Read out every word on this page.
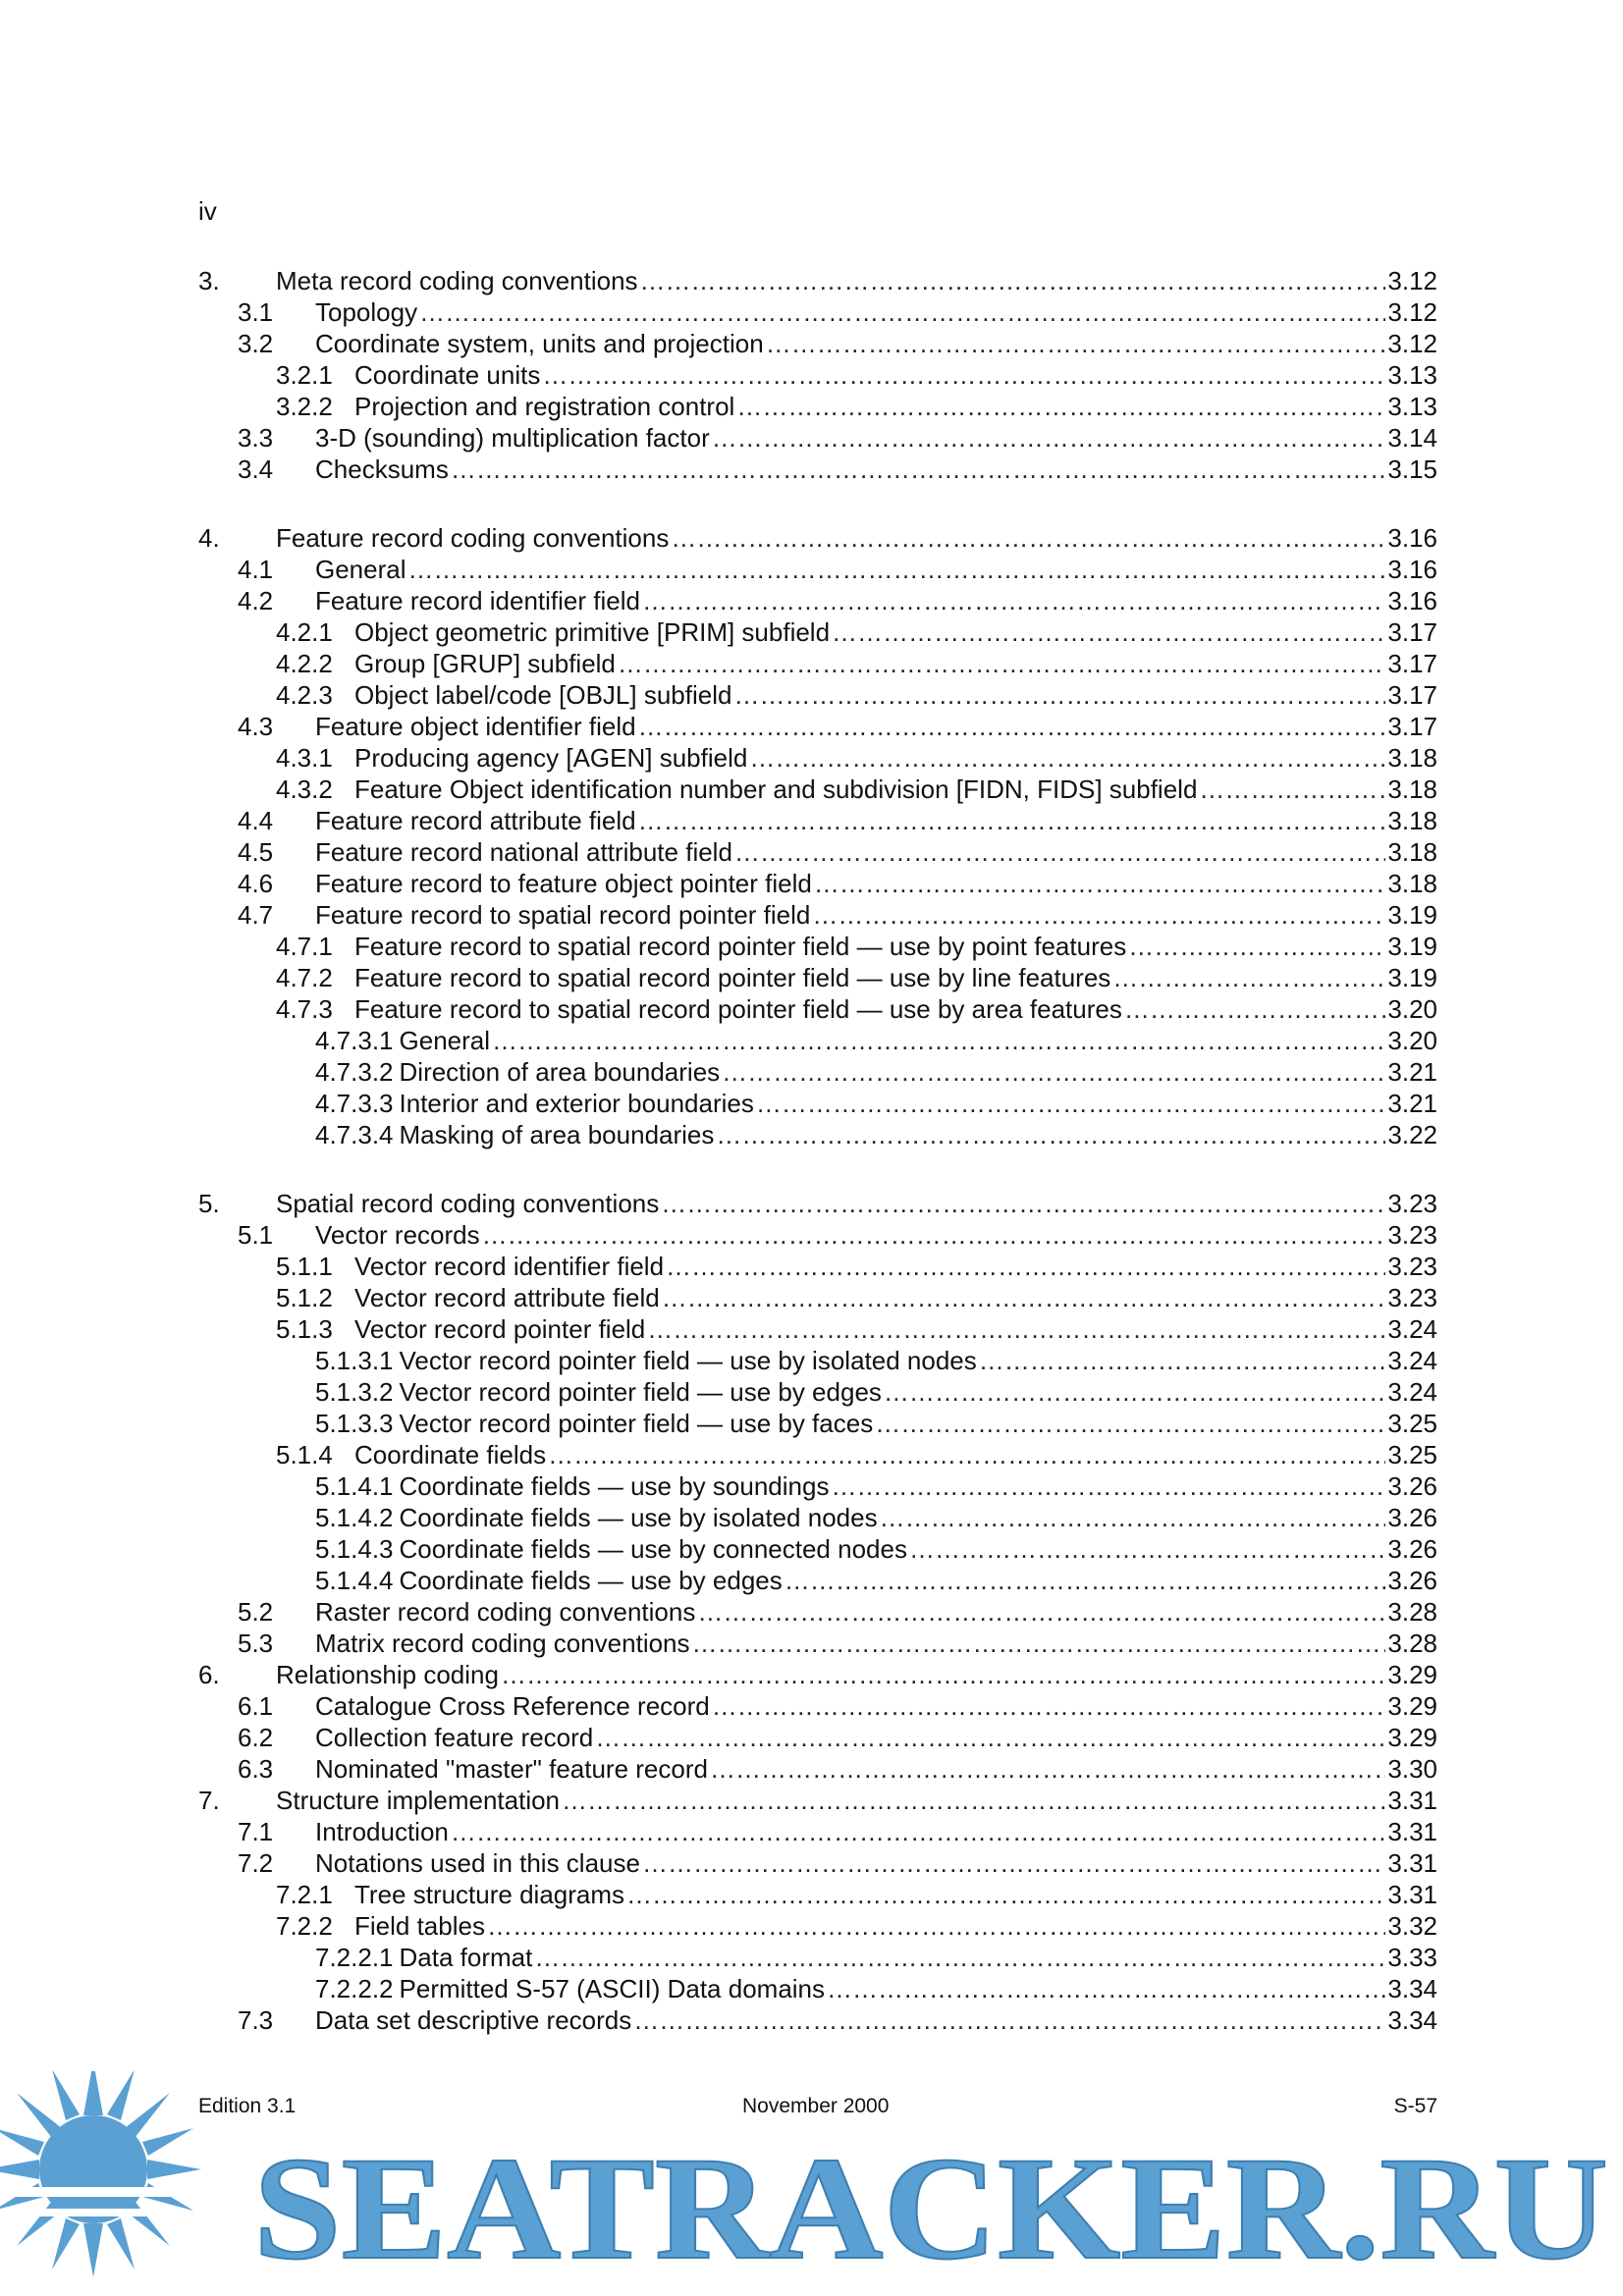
iv
3.	Meta record coding conventions …………………………………………………………………………………………………………………………………………………………………………	3.12
3.1	Topology …………………………………………………………………………………………………………………………………………………………………………	3.12
3.2	Coordinate system, units and projection …………………………………………………………………………………………………………………………………………………………………………	3.12
3.2.1 Coordinate units …………………………………………………………………………………………………………………………………………………………………………	3.13
3.2.2 Projection and registration control …………………………………………………………………………………………………………………………………………………………………………	3.13
3.3	3-D (sounding) multiplication factor …………………………………………………………………………………………………………………………………………………………………………	3.14
3.4	Checksums …………………………………………………………………………………………………………………………………………………………………………	3.15
4.	Feature record coding conventions …………………………………………………………………………………………………………………………………………………………………………	3.16
4.1	General …………………………………………………………………………………………………………………………………………………………………………	3.16
4.2	Feature record identifier field …………………………………………………………………………………………………………………………………………………………………………	3.16
4.2.1 Object geometric primitive [PRIM] subfield …………………………………………………………………………………………………………………………………………………………………………	3.17
4.2.2 Group [GRUP] subfield …………………………………………………………………………………………………………………………………………………………………………	3.17
4.2.3 Object label/code [OBJL] subfield …………………………………………………………………………………………………………………………………………………………………………	3.17
4.3	Feature object identifier field …………………………………………………………………………………………………………………………………………………………………………	3.17
4.3.1 Producing agency [AGEN] subfield …………………………………………………………………………………………………………………………………………………………………………	3.18
4.3.2 Feature Object identification number and subdivision [FIDN, FIDS] subfield …………………………………………………………………………………………………………………………………………………………………………	3.18
4.4	Feature record attribute field …………………………………………………………………………………………………………………………………………………………………………	3.18
4.5	Feature record national attribute field …………………………………………………………………………………………………………………………………………………………………………	3.18
4.6	Feature record to feature object pointer field …………………………………………………………………………………………………………………………………………………………………………	3.18
4.7	Feature record to spatial record pointer field …………………………………………………………………………………………………………………………………………………………………………	3.19
4.7.1 Feature record to spatial record pointer field — use by point features …………………………………………………………………………………………………………………………………………………………………………	3.19
4.7.2 Feature record to spatial record pointer field — use by line features …………………………………………………………………………………………………………………………………………………………………………	3.19
4.7.3 Feature record to spatial record pointer field — use by area features …………………………………………………………………………………………………………………………………………………………………………	3.20
4.7.3.1 General …………………………………………………………………………………………………………………………………………………………………………	3.20
4.7.3.2 Direction of area boundaries …………………………………………………………………………………………………………………………………………………………………………	3.21
4.7.3.3 Interior and exterior boundaries …………………………………………………………………………………………………………………………………………………………………………	3.21
4.7.3.4 Masking of area boundaries …………………………………………………………………………………………………………………………………………………………………………	3.22
5.	Spatial record coding conventions …………………………………………………………………………………………………………………………………………………………………………	3.23
5.1	Vector records …………………………………………………………………………………………………………………………………………………………………………	3.23
5.1.1 Vector record identifier field …………………………………………………………………………………………………………………………………………………………………………	3.23
5.1.2 Vector record attribute field …………………………………………………………………………………………………………………………………………………………………………	3.23
5.1.3 Vector record pointer field …………………………………………………………………………………………………………………………………………………………………………	3.24
5.1.3.1 Vector record pointer field — use by isolated nodes …………………………………………………………………………………………………………………………………………………………………………	3.24
5.1.3.2 Vector record pointer field — use by edges …………………………………………………………………………………………………………………………………………………………………………	3.24
5.1.3.3 Vector record pointer field — use by faces …………………………………………………………………………………………………………………………………………………………………………	3.25
5.1.4 Coordinate fields …………………………………………………………………………………………………………………………………………………………………………	3.25
5.1.4.1 Coordinate fields — use by soundings …………………………………………………………………………………………………………………………………………………………………………	3.26
5.1.4.2 Coordinate fields — use by isolated nodes …………………………………………………………………………………………………………………………………………………………………………	3.26
5.1.4.3 Coordinate fields — use by connected nodes …………………………………………………………………………………………………………………………………………………………………………	3.26
5.1.4.4 Coordinate fields — use by edges …………………………………………………………………………………………………………………………………………………………………………	3.26
5.2	Raster record coding conventions …………………………………………………………………………………………………………………………………………………………………………	3.28
5.3	Matrix record coding conventions …………………………………………………………………………………………………………………………………………………………………………	3.28
6.	Relationship coding …………………………………………………………………………………………………………………………………………………………………………	3.29
6.1	Catalogue Cross Reference record …………………………………………………………………………………………………………………………………………………………………………	3.29
6.2	Collection feature record …………………………………………………………………………………………………………………………………………………………………………	3.29
6.3	Nominated "master" feature record …………………………………………………………………………………………………………………………………………………………………………	3.30
7.	Structure implementation …………………………………………………………………………………………………………………………………………………………………………	3.31
7.1	Introduction …………………………………………………………………………………………………………………………………………………………………………	3.31
7.2	Notations used in this clause …………………………………………………………………………………………………………………………………………………………………………	3.31
7.2.1 Tree structure diagrams …………………………………………………………………………………………………………………………………………………………………………	3.31
7.2.2 Field tables …………………………………………………………………………………………………………………………………………………………………………	3.32
7.2.2.1 Data format …………………………………………………………………………………………………………………………………………………………………………	3.33
7.2.2.2 Permitted S-57 (ASCII) Data domains …………………………………………………………………………………………………………………………………………………………………………	3.34
7.3	Data set descriptive records …………………………………………………………………………………………………………………………………………………………………………	3.34
Edition 3.1	November 2000	S-57
SEATRACKER.RU
